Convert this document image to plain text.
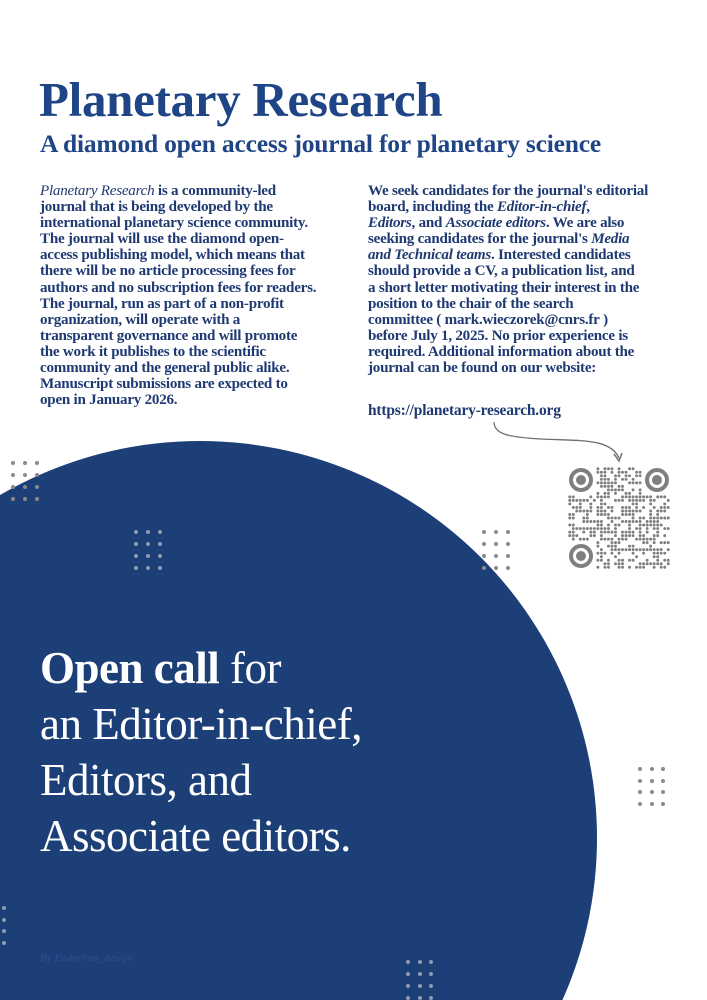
Planetary Research
A diamond open access journal for planetary science
Planetary Research is a community-led
journal that is being developed by the
international planetary science community.
The journal will use the diamond open-
access publishing model, which means that
there will be no article processing fees for
authors and no subscription fees for readers.
The journal, run as part of a non-profit
organization, will operate with a
transparent governance and will promote
the work it publishes to the scientific
community and the general public alike.
Manuscript submissions are expected to
open in January 2026.
We seek candidates for the journal's editorial
board, including the Editor-in-chief,
Editors, and Associate editors. We are also
seeking candidates for the journal's Media
and Technical teams. Interested candidates
should provide a CV, a publication list, and
a short letter motivating their interest in the
position to the chair of the search
committee ( mark.wieczorek@cnrs.fr )
before July 1, 2025. No prior experience is
required. Additional information about the
journal can be found on our website:
https://planetary-research.org
Open call for
an Editor-in-chief,
Editors, and
Associate editors.
By Endorimo_design
